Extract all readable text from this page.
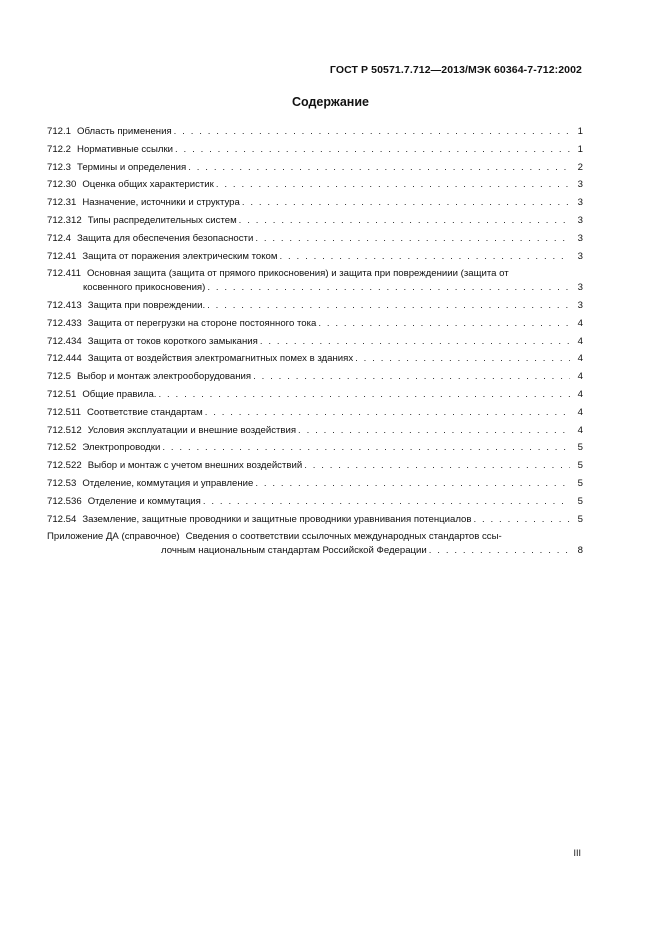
ГОСТ Р 50571.7.712—2013/МЭК 60364-7-712:2002
Содержание
712.1 Область применения . . .	1
712.2 Нормативные ссылки . . .	1
712.3 Термины и определения . . .	2
712.30 Оценка общих характеристик . . .	3
712.31 Назначение, источники и структура . . .	3
712.312 Типы распределительных систем . . .	3
712.4 Защита для обеспечения безопасности . . .	3
712.41 Защита от поражения электрическим током . . .	3
712.411 Основная защита (защита от прямого прикосновения) и защита при повреждениии (защита от
косвенного прикосновения) . . .	3
712.413 Защита при повреждении. . . .	3
712.433 Защита от перегрузки на стороне постоянного тока . . .	4
712.434 Защита от токов короткого замыкания . . .	4
712.444 Защита от воздействия электромагнитных помех в зданиях . . .	4
712.5 Выбор и монтаж электрооборудования . . .	4
712.51 Общие правила. . . .	4
712.511 Соответствие стандартам . . .	4
712.512 Условия эксплуатации и внешние воздействия . . .	4
712.52 Электропроводки . . .	5
712.522 Выбор и монтаж с учетом внешних воздействий . . .	5
712.53 Отделение, коммутация и управление . . .	5
712.536 Отделение и коммутация . . .	5
712.54 Заземление, защитные проводники и защитные проводники уравнивания потенциалов . . .	5
Приложение ДА (справочное) Сведения о соответствии ссылочных международных стандартов ссы-
лочным национальным стандартам Российской Федерации . . .	8
III
